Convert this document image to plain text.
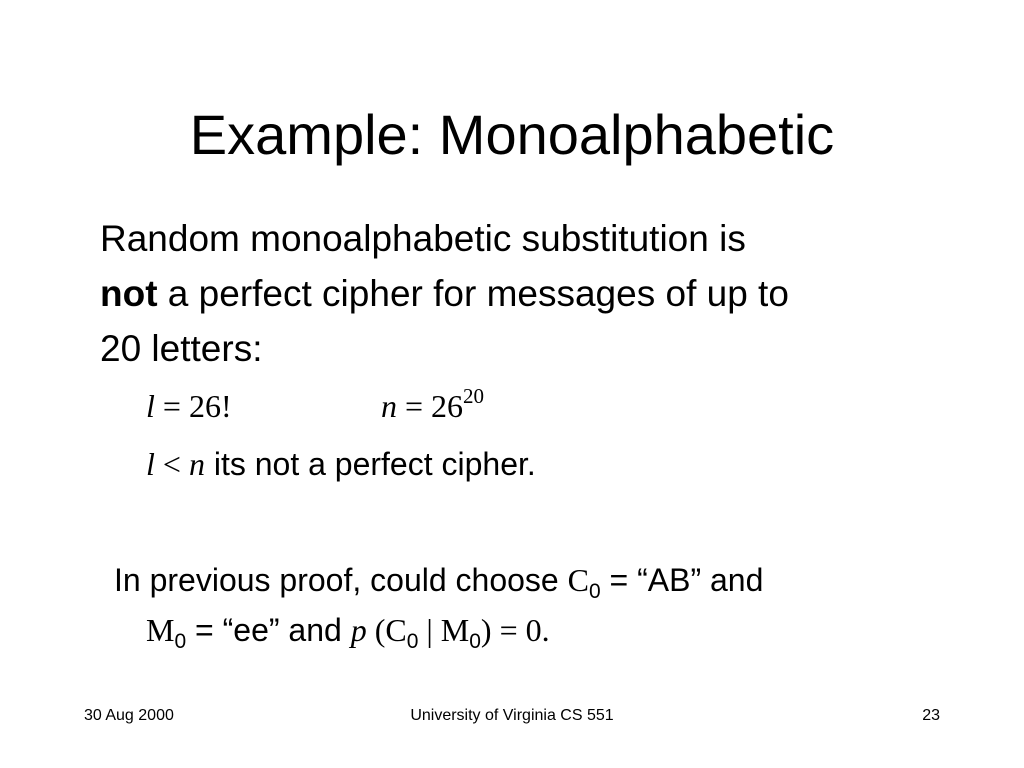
Example: Monoalphabetic
Random monoalphabetic substitution is
not a perfect cipher for messages of up to
20 letters:
l = 26!	$n = 26^{20}$
l < n its not a perfect cipher.
In previous proof, could choose $C_0$ = “AB” and
$M_0$ = “ee” and p ($C_0$ | $M_0) = 0$.
30 Aug 2000	University of Virginia CS 551	23
